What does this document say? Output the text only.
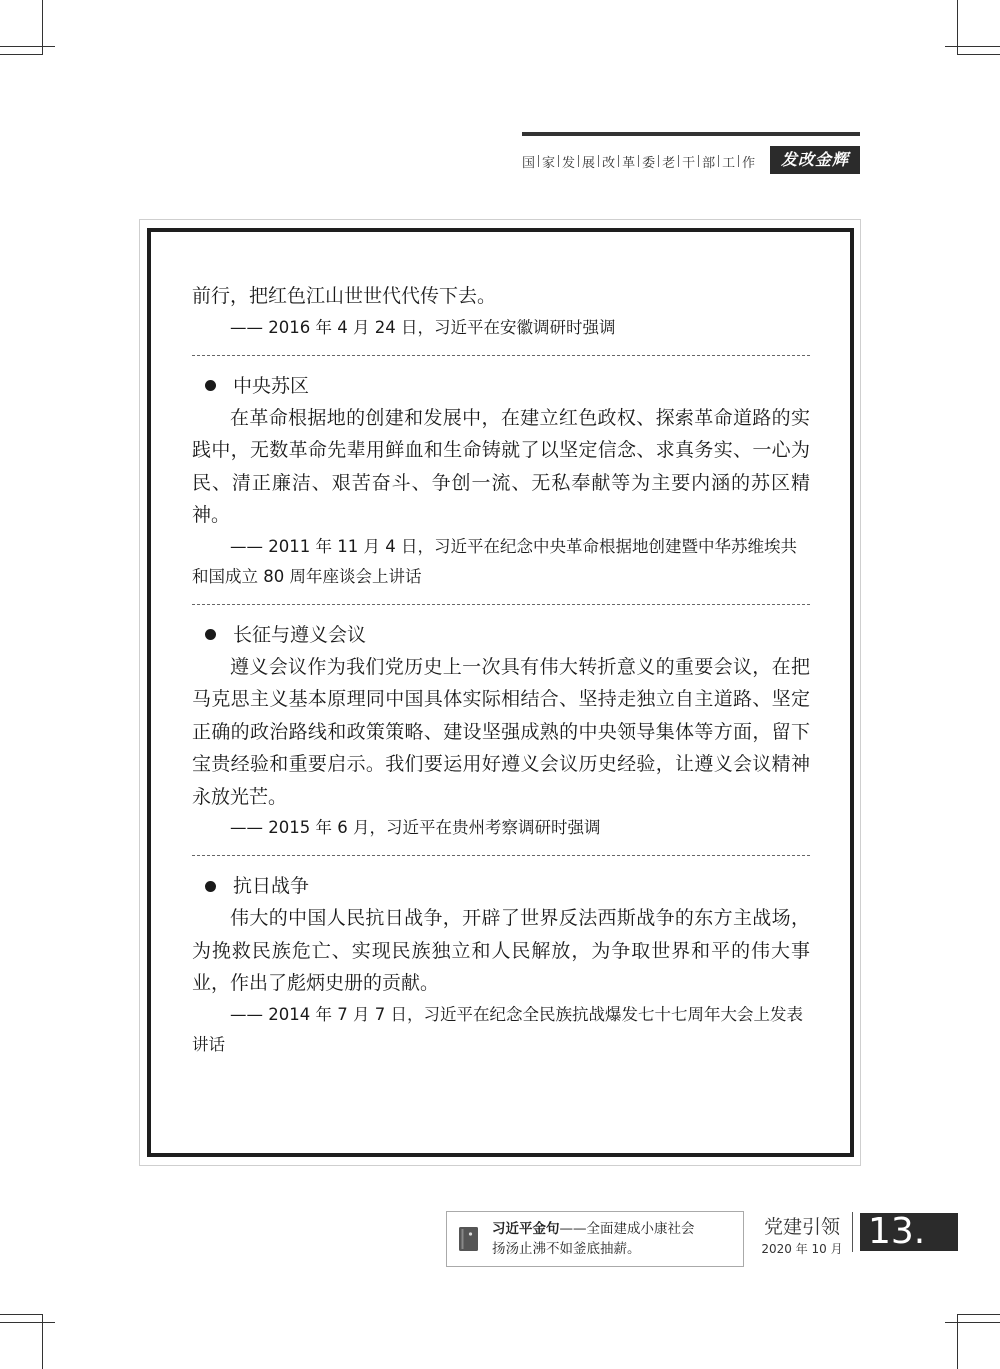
国 家 发 展 改 革 委 老 干 部 工 作	发改金辉

前行，把红色江山世世代代传下去。

—— 2016 年 4 月 24 日，习近平在安徽调研时强调

中央苏区

在革命根据地的创建和发展中，在建立红色政权、探索革命道路的实践中，无数革命先辈用鲜血和生命铸就了以坚定信念、求真务实、一心为民、清正廉洁、艰苦奋斗、争创一流、无私奉献等为主要内涵的苏区精神。

—— 2011 年 11 月 4 日，习近平在纪念中央革命根据地创建暨中华苏维埃共和国成立 80 周年座谈会上讲话

长征与遵义会议

遵义会议作为我们党历史上一次具有伟大转折意义的重要会议，在把马克思主义基本原理同中国具体实际相结合、坚持走独立自主道路、坚定正确的政治路线和政策策略、建设坚强成熟的中央领导集体等方面，留下宝贵经验和重要启示。我们要运用好遵义会议历史经验，让遵义会议精神永放光芒。

—— 2015 年 6 月，习近平在贵州考察调研时强调

抗日战争

伟大的中国人民抗日战争，开辟了世界反法西斯战争的东方主战场，为挽救民族危亡、实现民族独立和人民解放，为争取世界和平的伟大事业，作出了彪炳史册的贡献。

—— 2014 年 7 月 7 日，习近平在纪念全民族抗战爆发七十七周年大会上发表讲话

习近平金句——全面建成小康社会
扬汤止沸不如釜底抽薪。
党建引领
2020 年 10 月 13.
